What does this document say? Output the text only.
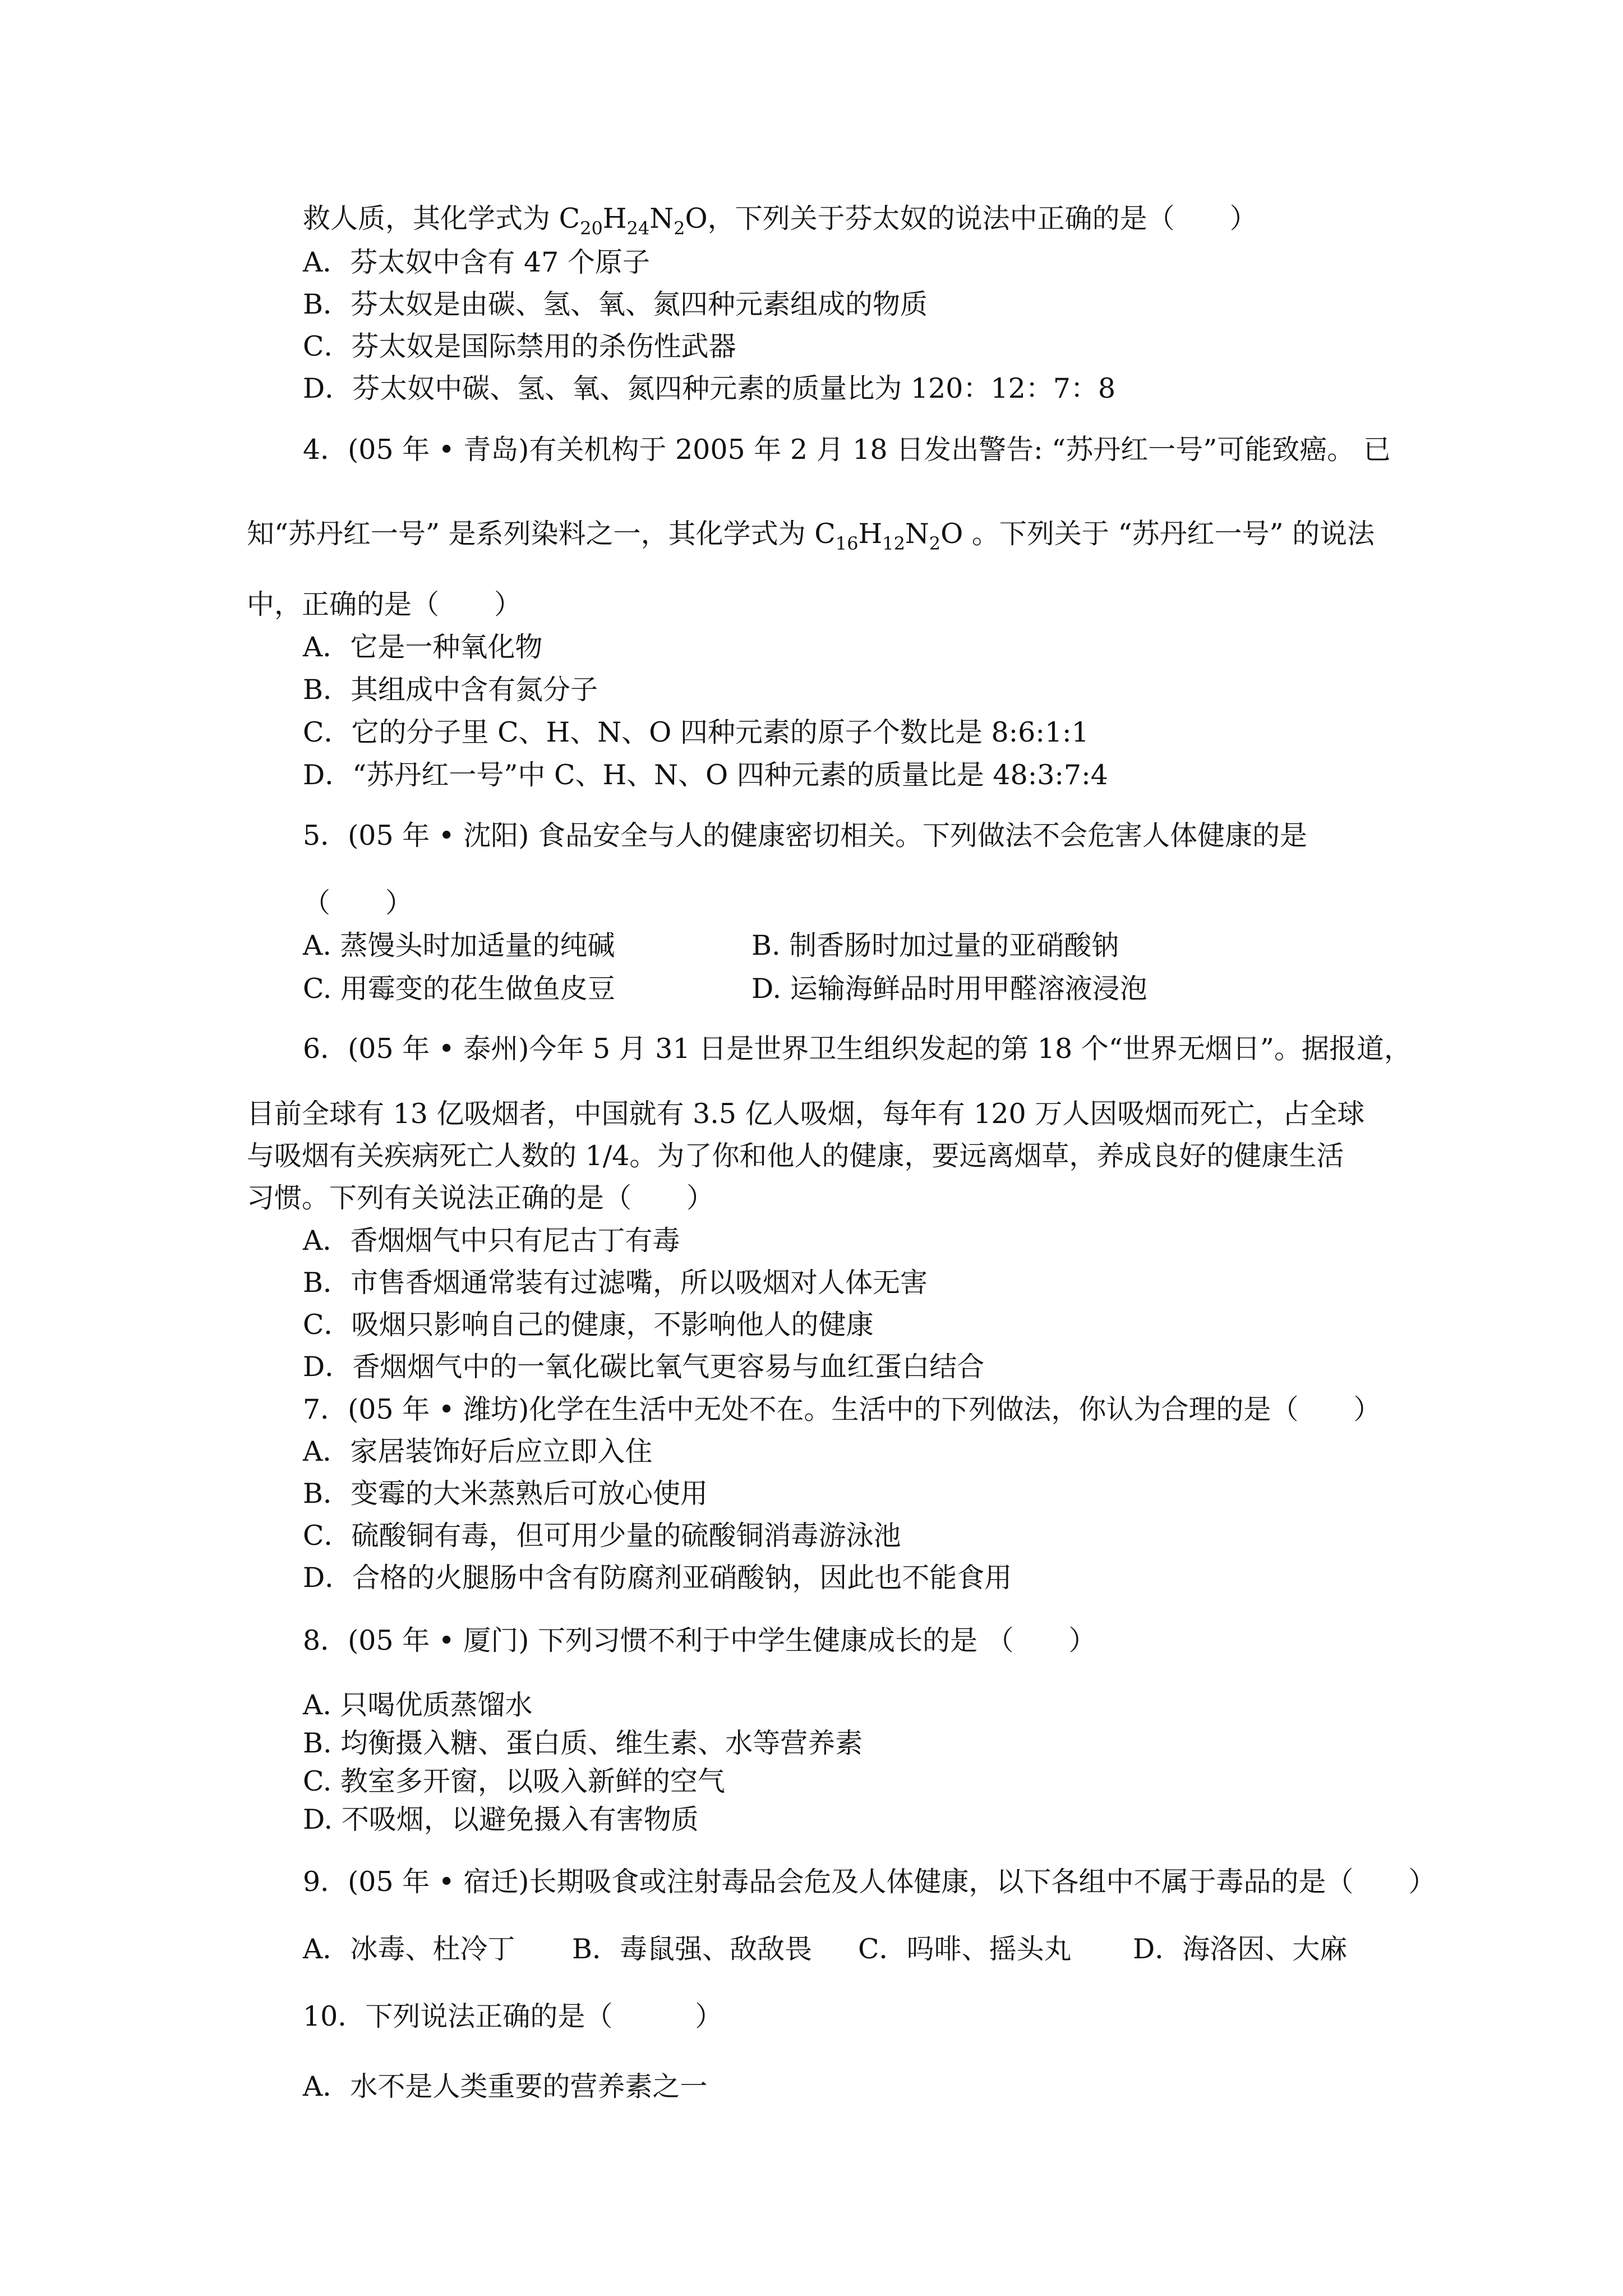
救人质，其化学式为 $C_{20}H_{24}N_2O$，下列关于芬太奴的说法中正确的是（　　）
A．芬太奴中含有 47 个原子
B．芬太奴是由碳、氢、氧、氮四种元素组成的物质
C．芬太奴是国际禁用的杀伤性武器
D．芬太奴中碳、氢、氧、氮四种元素的质量比为 120：12：7：8
4．(05 年 • 青岛)有关机构于 2005 年 2 月 18 日发出警告: “苏丹红一号”可能致癌。 已
知“苏丹红一号” 是系列染料之一，其化学式为 $C_{16}H_{12}N_2O$ 。下列关于 “苏丹红一号” 的说法
中，正确的是（　　）
A．它是一种氧化物
B．其组成中含有氮分子
C．它的分子里 C、H、N、O 四种元素的原子个数比是 8:6:1:1
D．“苏丹红一号”中 C、H、N、O 四种元素的质量比是 48:3:7:4
5．(05 年 • 沈阳) 食品安全与人的健康密切相关。下列做法不会危害人体健康的是
（　　）
A. 蒸馒头时加适量的纯碱	B. 制香肠时加过量的亚硝酸钠
C. 用霉变的花生做鱼皮豆	D. 运输海鲜品时用甲醛溶液浸泡
6．(05 年 • 泰州)今年 5 月 31 日是世界卫生组织发起的第 18 个“世界无烟日”。据报道，
目前全球有 13 亿吸烟者，中国就有 3.5 亿人吸烟，每年有 120 万人因吸烟而死亡，占全球
与吸烟有关疾病死亡人数的 1/4。为了你和他人的健康，要远离烟草，养成良好的健康生活
习惯。下列有关说法正确的是（　　）
A．香烟烟气中只有尼古丁有毒
B．市售香烟通常装有过滤嘴，所以吸烟对人体无害
C．吸烟只影响自己的健康，不影响他人的健康
D．香烟烟气中的一氧化碳比氧气更容易与血红蛋白结合
7．(05 年 • 潍坊)化学在生活中无处不在。生活中的下列做法，你认为合理的是（　　）
A．家居装饰好后应立即入住
B．变霉的大米蒸熟后可放心使用
C．硫酸铜有毒，但可用少量的硫酸铜消毒游泳池
D．合格的火腿肠中含有防腐剂亚硝酸钠，因此也不能食用
8．(05 年 • 厦门) 下列习惯不利于中学生健康成长的是 （　　）
A. 只喝优质蒸馏水
B. 均衡摄入糖、蛋白质、维生素、水等营养素
C. 教室多开窗，以吸入新鲜的空气
D. 不吸烟，以避免摄入有害物质
9．(05 年 • 宿迁)长期吸食或注射毒品会危及人体健康，以下各组中不属于毒品的是（　　）
A．冰毒、杜冷丁 B．毒鼠强、敌敌畏 C．吗啡、摇头丸 D．海洛因、大麻
10．下列说法正确的是（　　　）
A．水不是人类重要的营养素之一
